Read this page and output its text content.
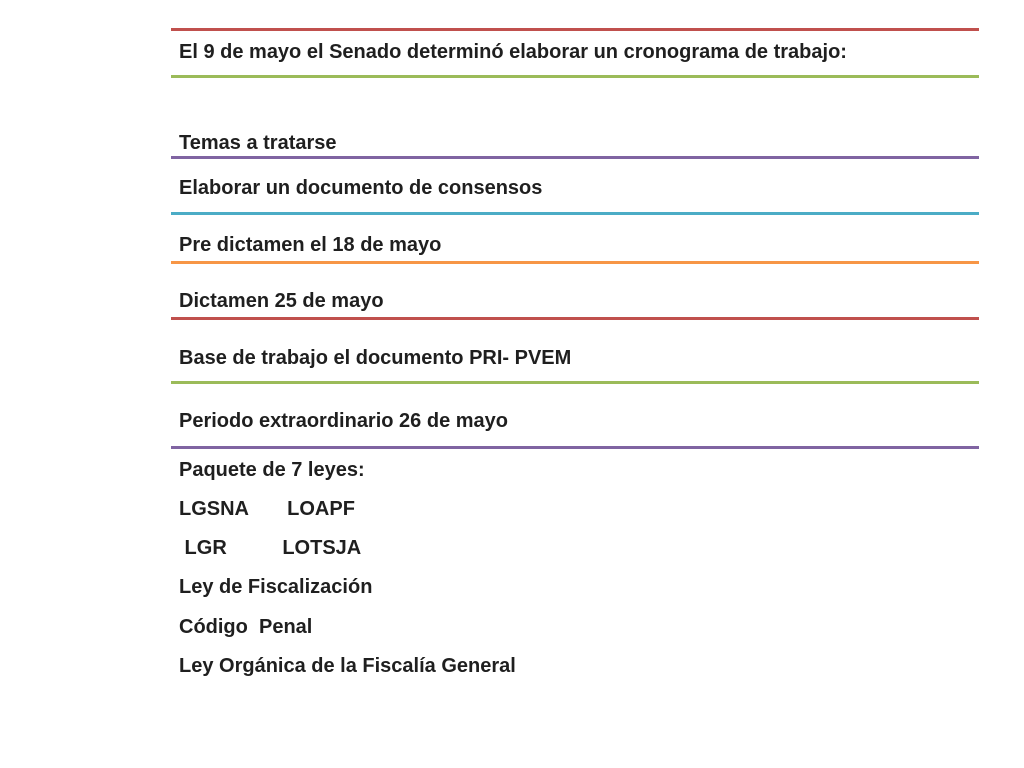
El 9 de mayo el Senado determinó elaborar un cronograma de trabajo:
Temas a tratarse
Elaborar un documento de consensos
Pre dictamen el 18 de mayo
Dictamen 25 de mayo
Base de trabajo el documento PRI- PVEM
Periodo extraordinario 26 de mayo
Paquete de 7 leyes:
LGSNA       LOAPF
LGR          LOTSJA
Ley de Fiscalización
Código  Penal
Ley Orgánica de la Fiscalía General
